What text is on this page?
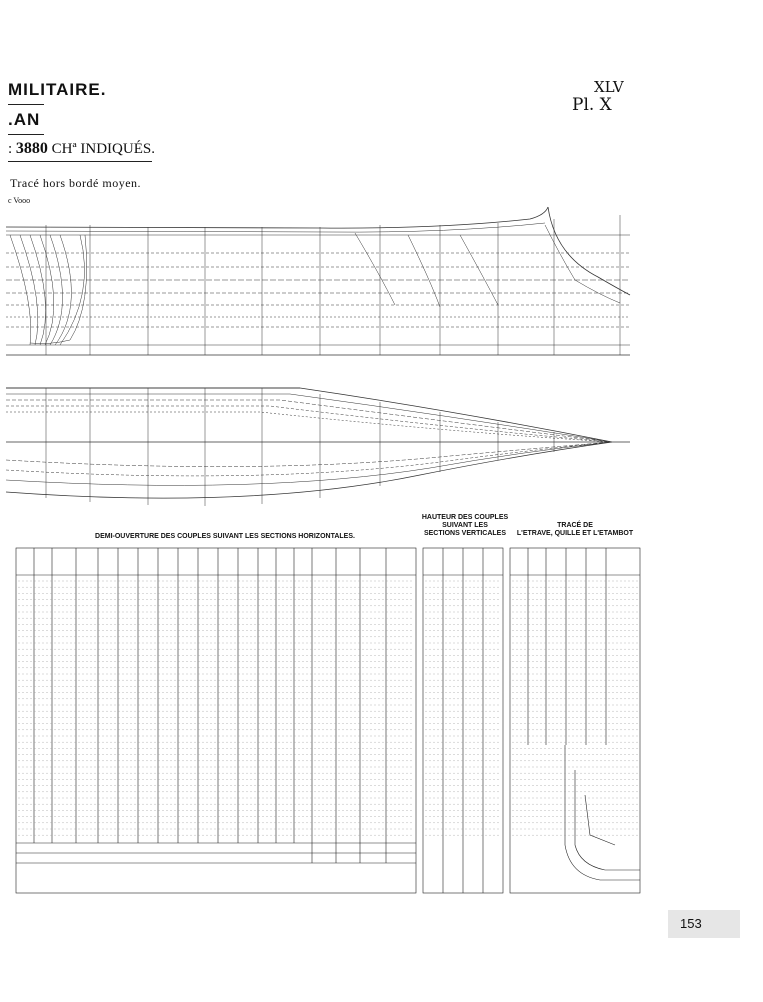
MILITAIRE.
.AN
: 3880 CHª INDIQUÉS.
Tracé hors bordé moyen.
c Vooo
XLV
Pl. X
DEMI-OUVERTURE DES COUPLES SUIVANT LES SECTIONS HORIZONTALES.
HAUTEUR DES COUPLES
SUIVANT LES
SECTIONS VERTICALES
TRACÉ DE
L'ETRAVE, QUILLE ET L'ETAMBOT
153
